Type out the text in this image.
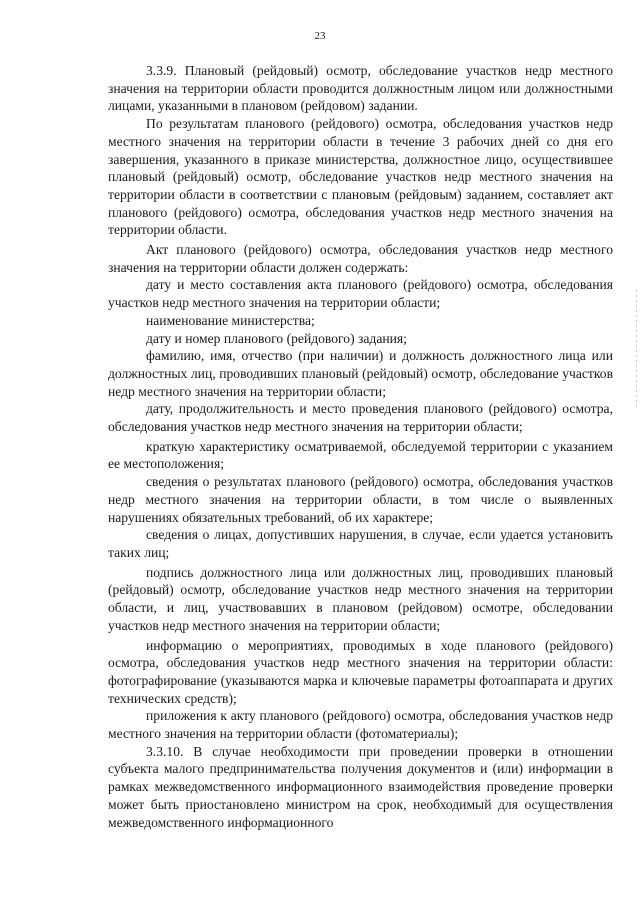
23

3.3.9. Плановый (рейдовый) осмотр, обследование участков недр местного значения на территории области проводится должностным лицом или должностными лицами, указанными в плановом (рейдовом) задании.

По результатам планового (рейдового) осмотра, обследования участков недр местного значения на территории области в течение 3 рабочих дней со дня его завершения, указанного в приказе министерства, должностное лицо, осуществившее плановый (рейдовый) осмотр, обследование участков недр местного значения на территории области в соответствии с плановым (рейдовым) заданием, составляет акт планового (рейдового) осмотра, обследования участков недр местного значения на территории области.

Акт планового (рейдового) осмотра, обследования участков недр местного значения на территории области должен содержать:

дату и место составления акта планового (рейдового) осмотра, обследования участков недр местного значения на территории области;

наименование министерства;

дату и номер планового (рейдового) задания;

фамилию, имя, отчество (при наличии) и должность должностного лица или должностных лиц, проводивших плановый (рейдовый) осмотр, обследование участков недр местного значения на территории области;

дату, продолжительность и место проведения планового (рейдового) осмотра, обследования участков недр местного значения на территории области;

краткую характеристику осматриваемой, обследуемой территории с указанием ее местоположения;

сведения о результатах планового (рейдового) осмотра, обследования участков недр местного значения на территории области, в том числе о выявленных нарушениях обязательных требований, об их характере;

сведения о лицах, допустивших нарушения, в случае, если удается установить таких лиц;

подпись должностного лица или должностных лиц, проводивших плановый (рейдовый) осмотр, обследование участков недр местного значения на территории области, и лиц, участвовавших в плановом (рейдовом) осмотре, обследовании участков недр местного значения на территории области;

информацию о мероприятиях, проводимых в ходе планового (рейдового) осмотра, обследования участков недр местного значения на территории области: фотографирование (указываются марка и ключевые параметры фотоаппарата и других технических средств);

приложения к акту планового (рейдового) осмотра, обследования участков недр местного значения на территории области (фотоматериалы);

3.3.10. В случае необходимости при проведении проверки в отношении субъекта малого предпринимательства получения документов и (или) информации в рамках межведомственного информационного взаимодействия проведение проверки может быть приостановлено министром на срок, необходимый для осуществления межведомственного информационного
